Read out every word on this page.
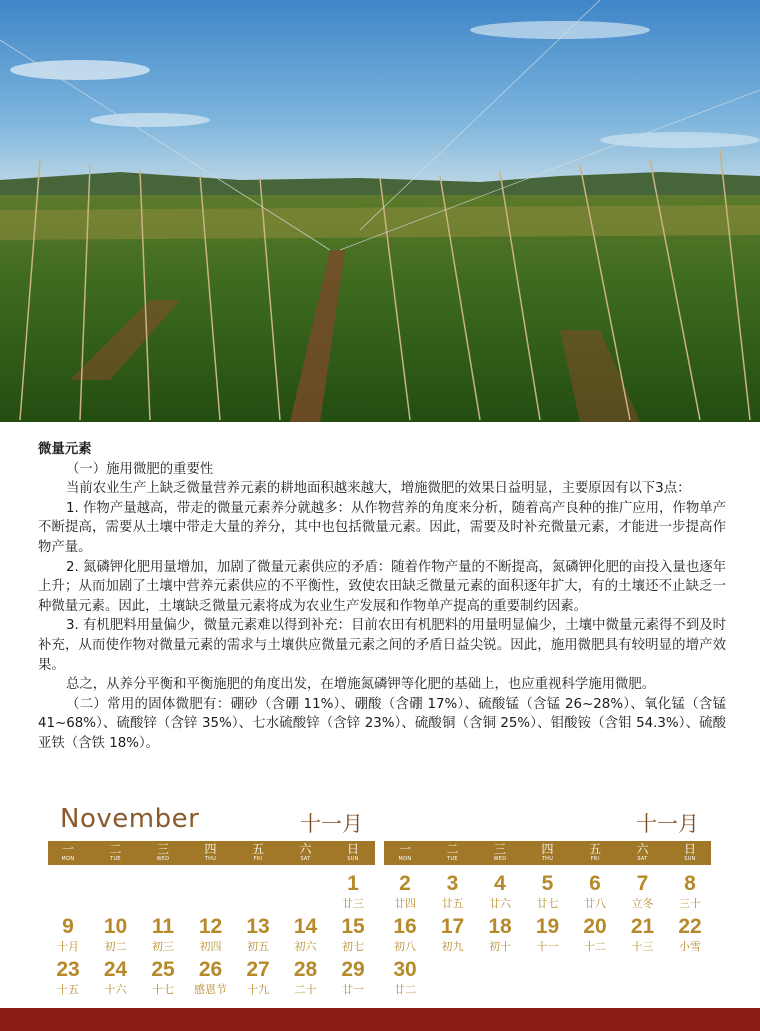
微量元素

（一）施用微肥的重要性

当前农业生产上缺乏微量营养元素的耕地面积越来越大，增施微肥的效果日益明显，主要原因有以下3点：

1. 作物产量越高，带走的微量元素养分就越多：从作物营养的角度来分析，随着高产良种的推广应用，作物单产不断提高，需要从土壤中带走大量的养分，其中也包括微量元素。因此，需要及时补充微量元素，才能进一步提高作物产量。

2. 氮磷钾化肥用量增加，加剧了微量元素供应的矛盾：随着作物产量的不断提高，氮磷钾化肥的亩投入量也逐年上升；从而加剧了土壤中营养元素供应的不平衡性，致使农田缺乏微量元素的面积逐年扩大，有的土壤还不止缺乏一种微量元素。因此，土壤缺乏微量元素将成为农业生产发展和作物单产提高的重要制约因素。

3. 有机肥料用量偏少，微量元素难以得到补充：目前农田有机肥料的用量明显偏少，土壤中微量元素得不到及时补充，从而使作物对微量元素的需求与土壤供应微量元素之间的矛盾日益尖锐。因此，施用微肥具有较明显的增产效果。

总之，从养分平衡和平衡施肥的角度出发，在增施氮磷钾等化肥的基础上，也应重视科学施用微肥。

（二）常用的固体微肥有：硼砂（含硼 11%）、硼酸（含硼 17%）、硫酸锰（含锰 26~28%）、氧化锰（含锰 41~68%）、硫酸锌（含锌 35%）、七水硫酸锌（含锌 23%）、硫酸铜（含铜 25%）、钼酸铵（含钼 54.3%）、硫酸亚铁（含铁 18%）。

November	十一月	十一月
一
MON
二
TUE
三
WED
四
THU
五
FRI
六
SAT
日
SUN
一
MON
二
TUE
三
WED
四
THU
五
FRI
六
SAT
日
SUN
1
廿三
2
廿四
3
廿五
4
廿六
5
廿七
6
廿八
7
立冬
8
三十
9
十月
10
初二
11
初三
12
初四
13
初五
14
初六
15
初七
16
初八
17
初九
18
初十
19
十一
20
十二
21
十三
22
小雪
23
十五
24
十六
25
十七
26
感恩节
27
十九
28
二十
29
廿一
30
廿二
